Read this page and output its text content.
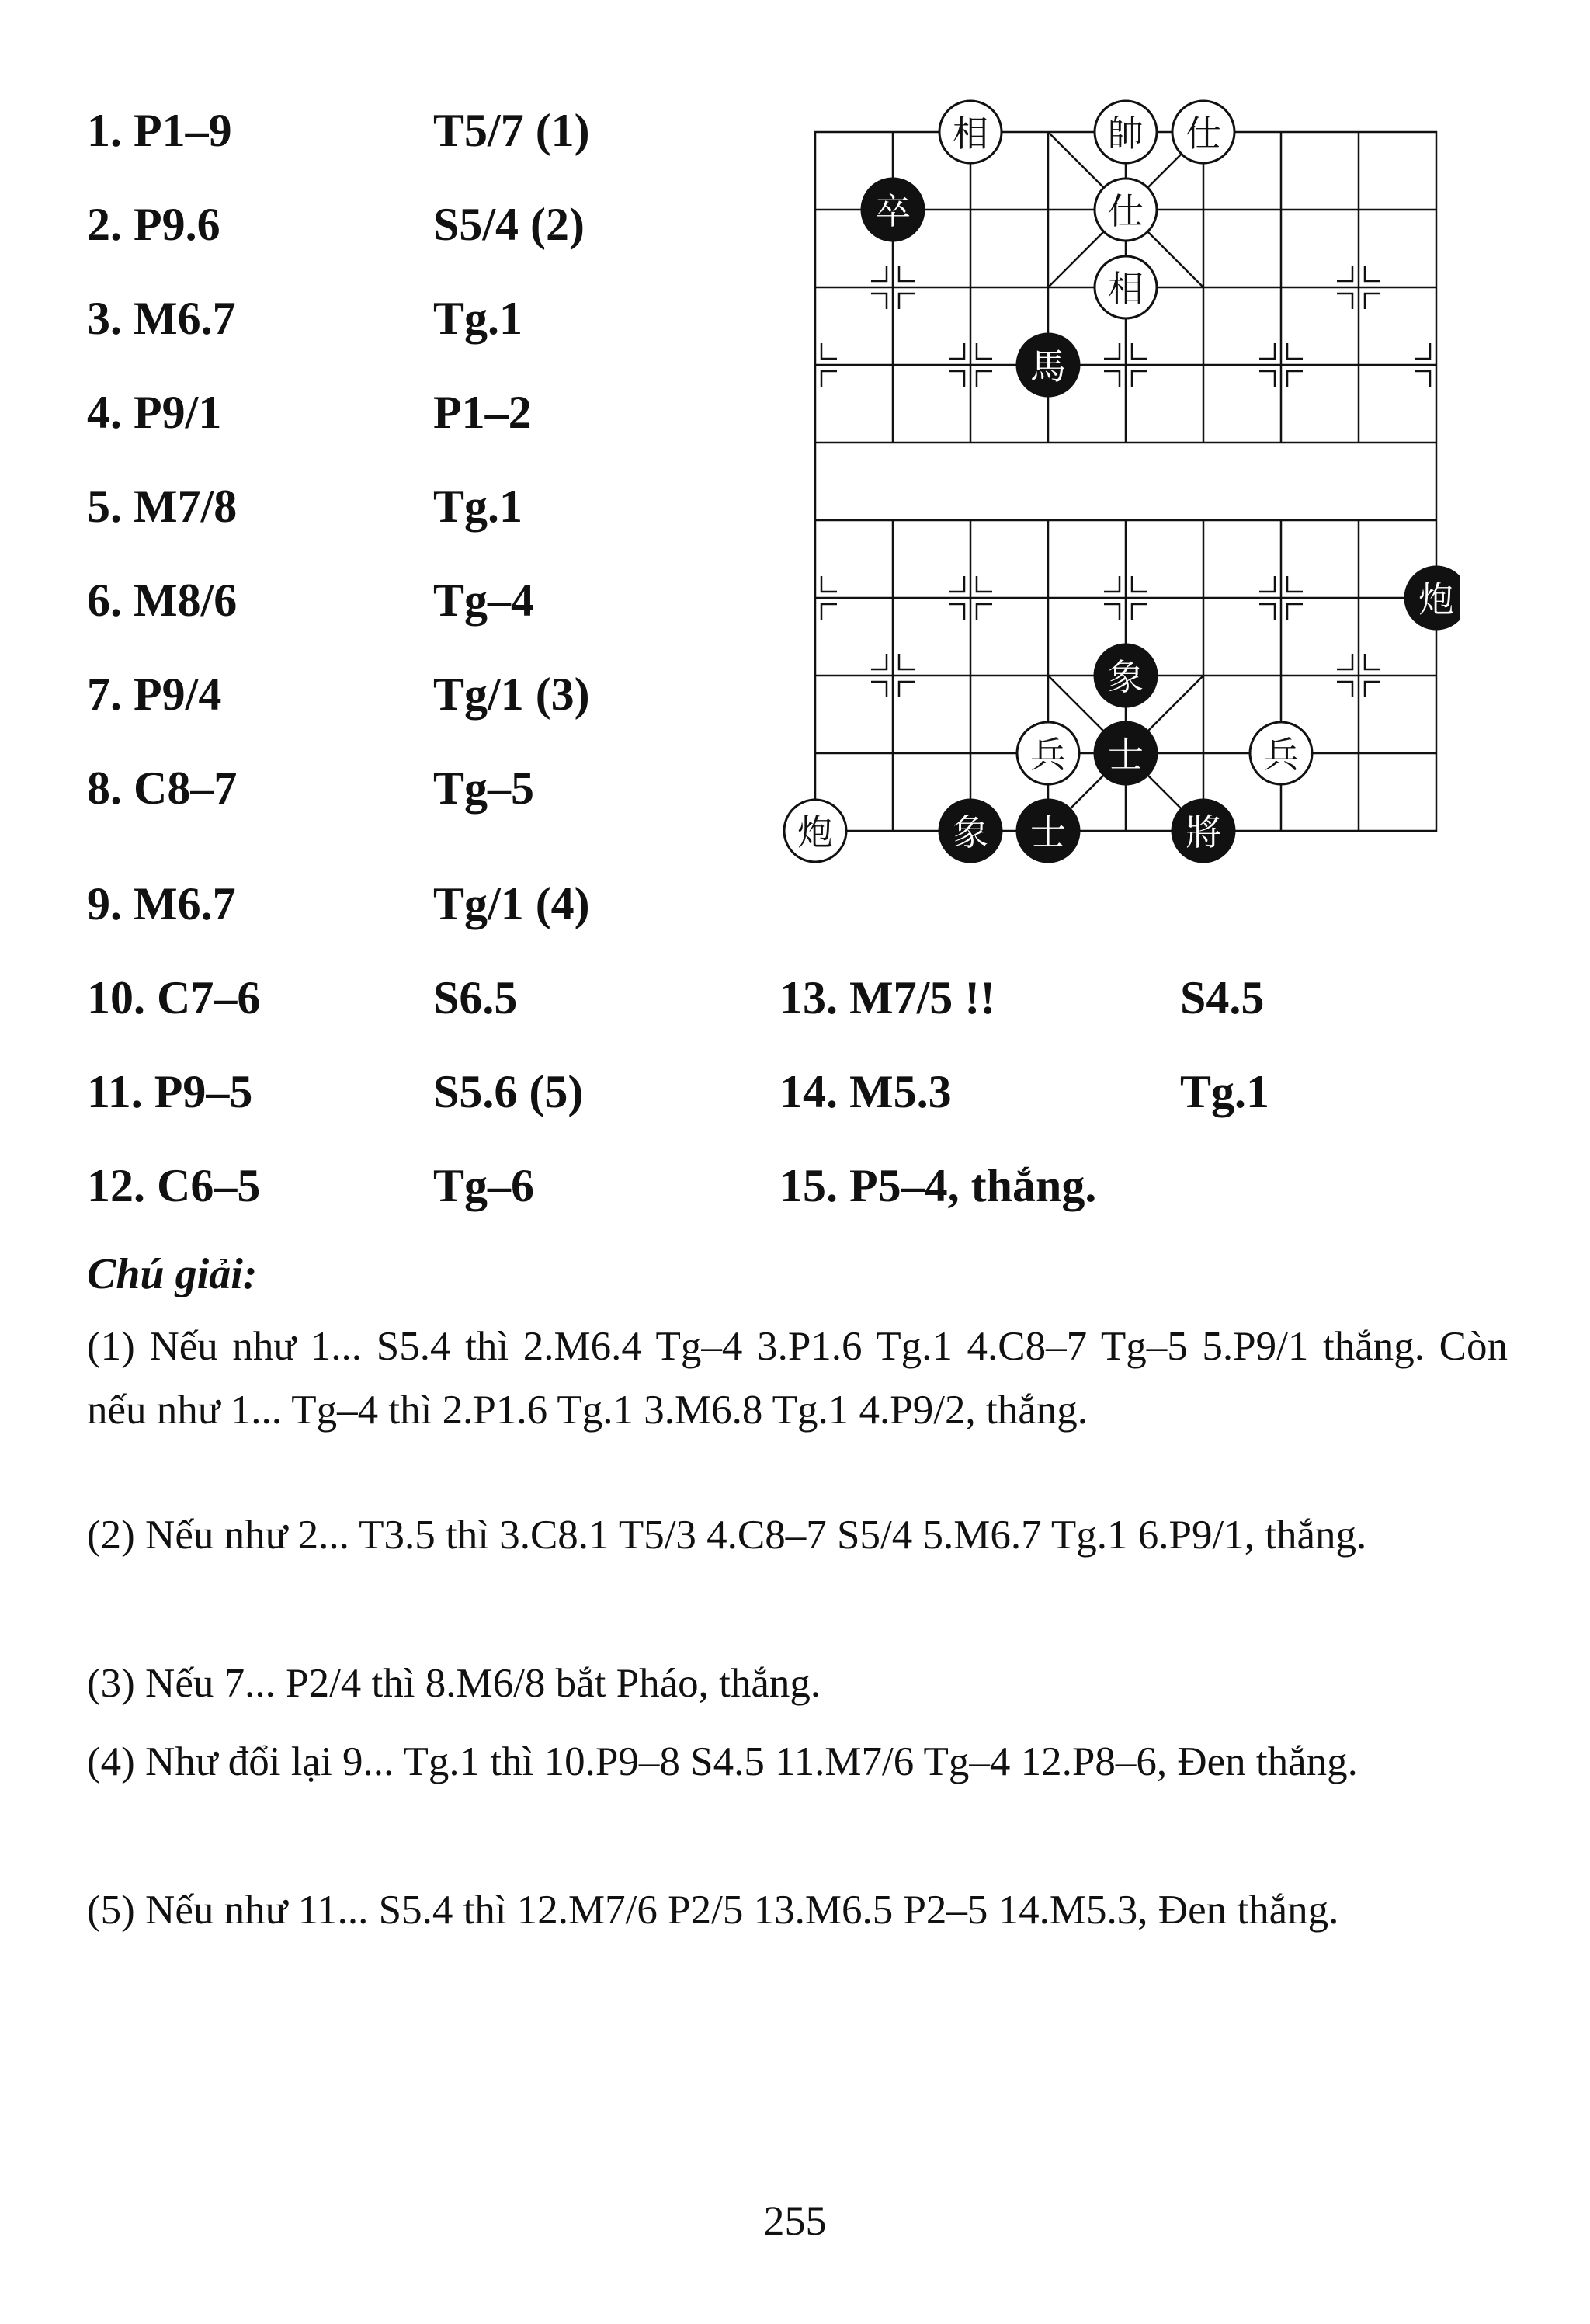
1. P1–9	T5/7 (1)
2. P9.6	S5/4 (2)
3. M6.7	Tg.1
4. P9/1	P1–2
5. M7/8	Tg.1
6. M8/6	Tg–4
7. P9/4	Tg/1 (3)
8. C8–7	Tg–5
9. M6.7	Tg/1 (4)
10. C7–6	S6.5
11. P9–5	S5.6 (5)
12. C6–5	Tg–6
13. M7/5 !!	S4.5
14. M5.3	Tg.1
15. P5–4, thắng.
相	帥 仕
卒	仕
相
馬
炮
象
兵 士	兵
炮	象 士	將
Chú giải:
(1) Nếu như 1... S5.4 thì 2.M6.4 Tg–4 3.P1.6 Tg.1 4.C8–7 Tg–5 5.P9/1 thắng. Còn nếu như 1... Tg–4 thì 2.P1.6 Tg.1 3.M6.8 Tg.1 4.P9/2, thắng.
(2) Nếu như 2... T3.5 thì 3.C8.1 T5/3 4.C8–7 S5/4 5.M6.7 Tg.1 6.P9/1, thắng.
(3) Nếu 7... P2/4 thì 8.M6/8 bắt Pháo, thắng.
(4) Như đổi lại 9... Tg.1 thì 10.P9–8 S4.5 11.M7/6 Tg–4 12.P8–6, Đen thắng.
(5) Nếu như 11... S5.4 thì 12.M7/6 P2/5 13.M6.5 P2–5 14.M5.3, Đen thắng.
255
